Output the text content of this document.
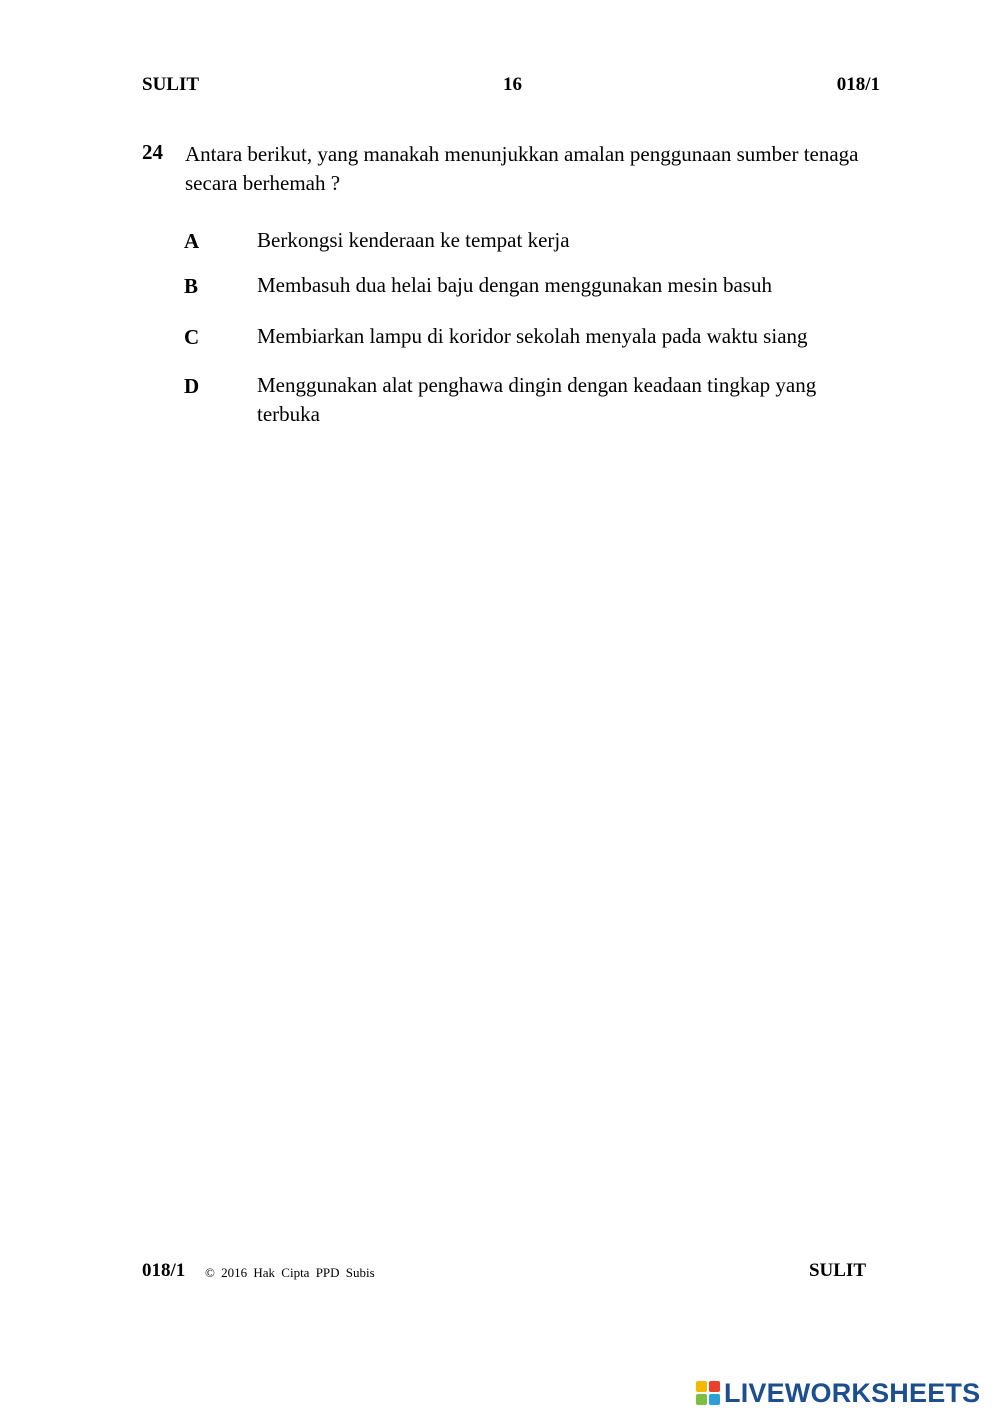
SULIT	16	018/1
24 Antara berikut, yang manakah menunjukkan amalan penggunaan sumber tenaga secara berhemah ?
A	Berkongsi kenderaan ke tempat kerja
B	Membasuh dua helai baju dengan menggunakan mesin basuh
C	Membiarkan lampu di koridor sekolah menyala pada waktu siang
D	Menggunakan alat penghawa dingin dengan keadaan tingkap yang terbuka
018/1 © 2016 Hak Cipta PPD Subis	SULIT
LIVEWORKSHEETS
